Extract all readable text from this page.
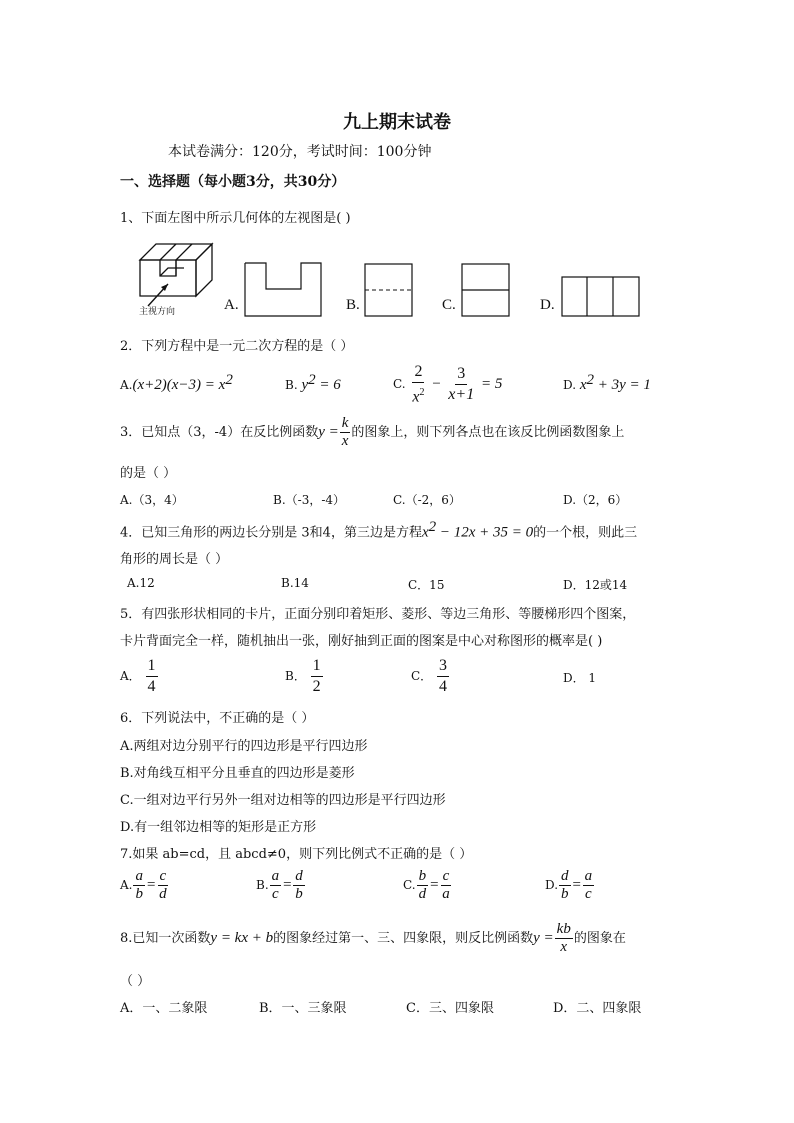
九上期末试卷
本试卷满分：120分，考试时间：100分钟
一、选择题（每小题3分，共30分）
1、下面左图中所示几何体的左视图是( )
主视方向	A.	B.	C.	D.
2．下列方程中是一元二次方程的是（ ）
$A.(x+2)(x-3) = x^2$	B. $y^2 = 6$	C. $\frac{2}{x^2} - \frac{3}{x+1} = 5$	D. $x^2 + 3y = 1$
3．已知点（3，-4）在反比例函数$y = \frac{k}{x}$ 的图象上，则下列各点也在该反比例函数图象上
的是（ ）
A.（3，4）	B.（-3，-4）	C.（-2，6）	D.（2，6）
4．已知三角形的两边长分别是 3和4，第三边是方程$x^2 - 12x + 35 = 0$的一个根，则此三
角形的周长是（ ）
A.12	B.14	C．15	D．12或14
5．有四张形状相同的卡片，正面分别印着矩形、菱形、等边三角形、等腰梯形四个图案，
卡片背面完全一样，随机抽出一张，刚好抽到正面的图案是中心对称图形的概率是( )
A． $\frac{1}{4}$	B． $\frac{1}{2}$	C． $\frac{3}{4}$	D． 1
6．下列说法中，不正确的是（ ）
A.两组对边分别平行的四边形是平行四边形
B.对角线互相平分且垂直的四边形是菱形
C.一组对边平行另外一组对边相等的四边形是平行四边形
D.有一组邻边相等的矩形是正方形
7.如果 ab=cd，且 abcd≠0，则下列比例式不正确的是（ ）
A. $\frac{a}{b} = \frac{c}{d}$	B. $\frac{a}{c} = \frac{d}{b}$	C. $\frac{b}{d} = \frac{c}{a}$	D. $\frac{d}{b} = \frac{a}{c}$
8.已知一次函数y = kx + b的图象经过第一、三、四象限，则反比例函数$y = \frac{kb}{x}$ 的图象在
（ ）
A．一、二象限	B．一、三象限	C．三、四象限	D．二、四象限
